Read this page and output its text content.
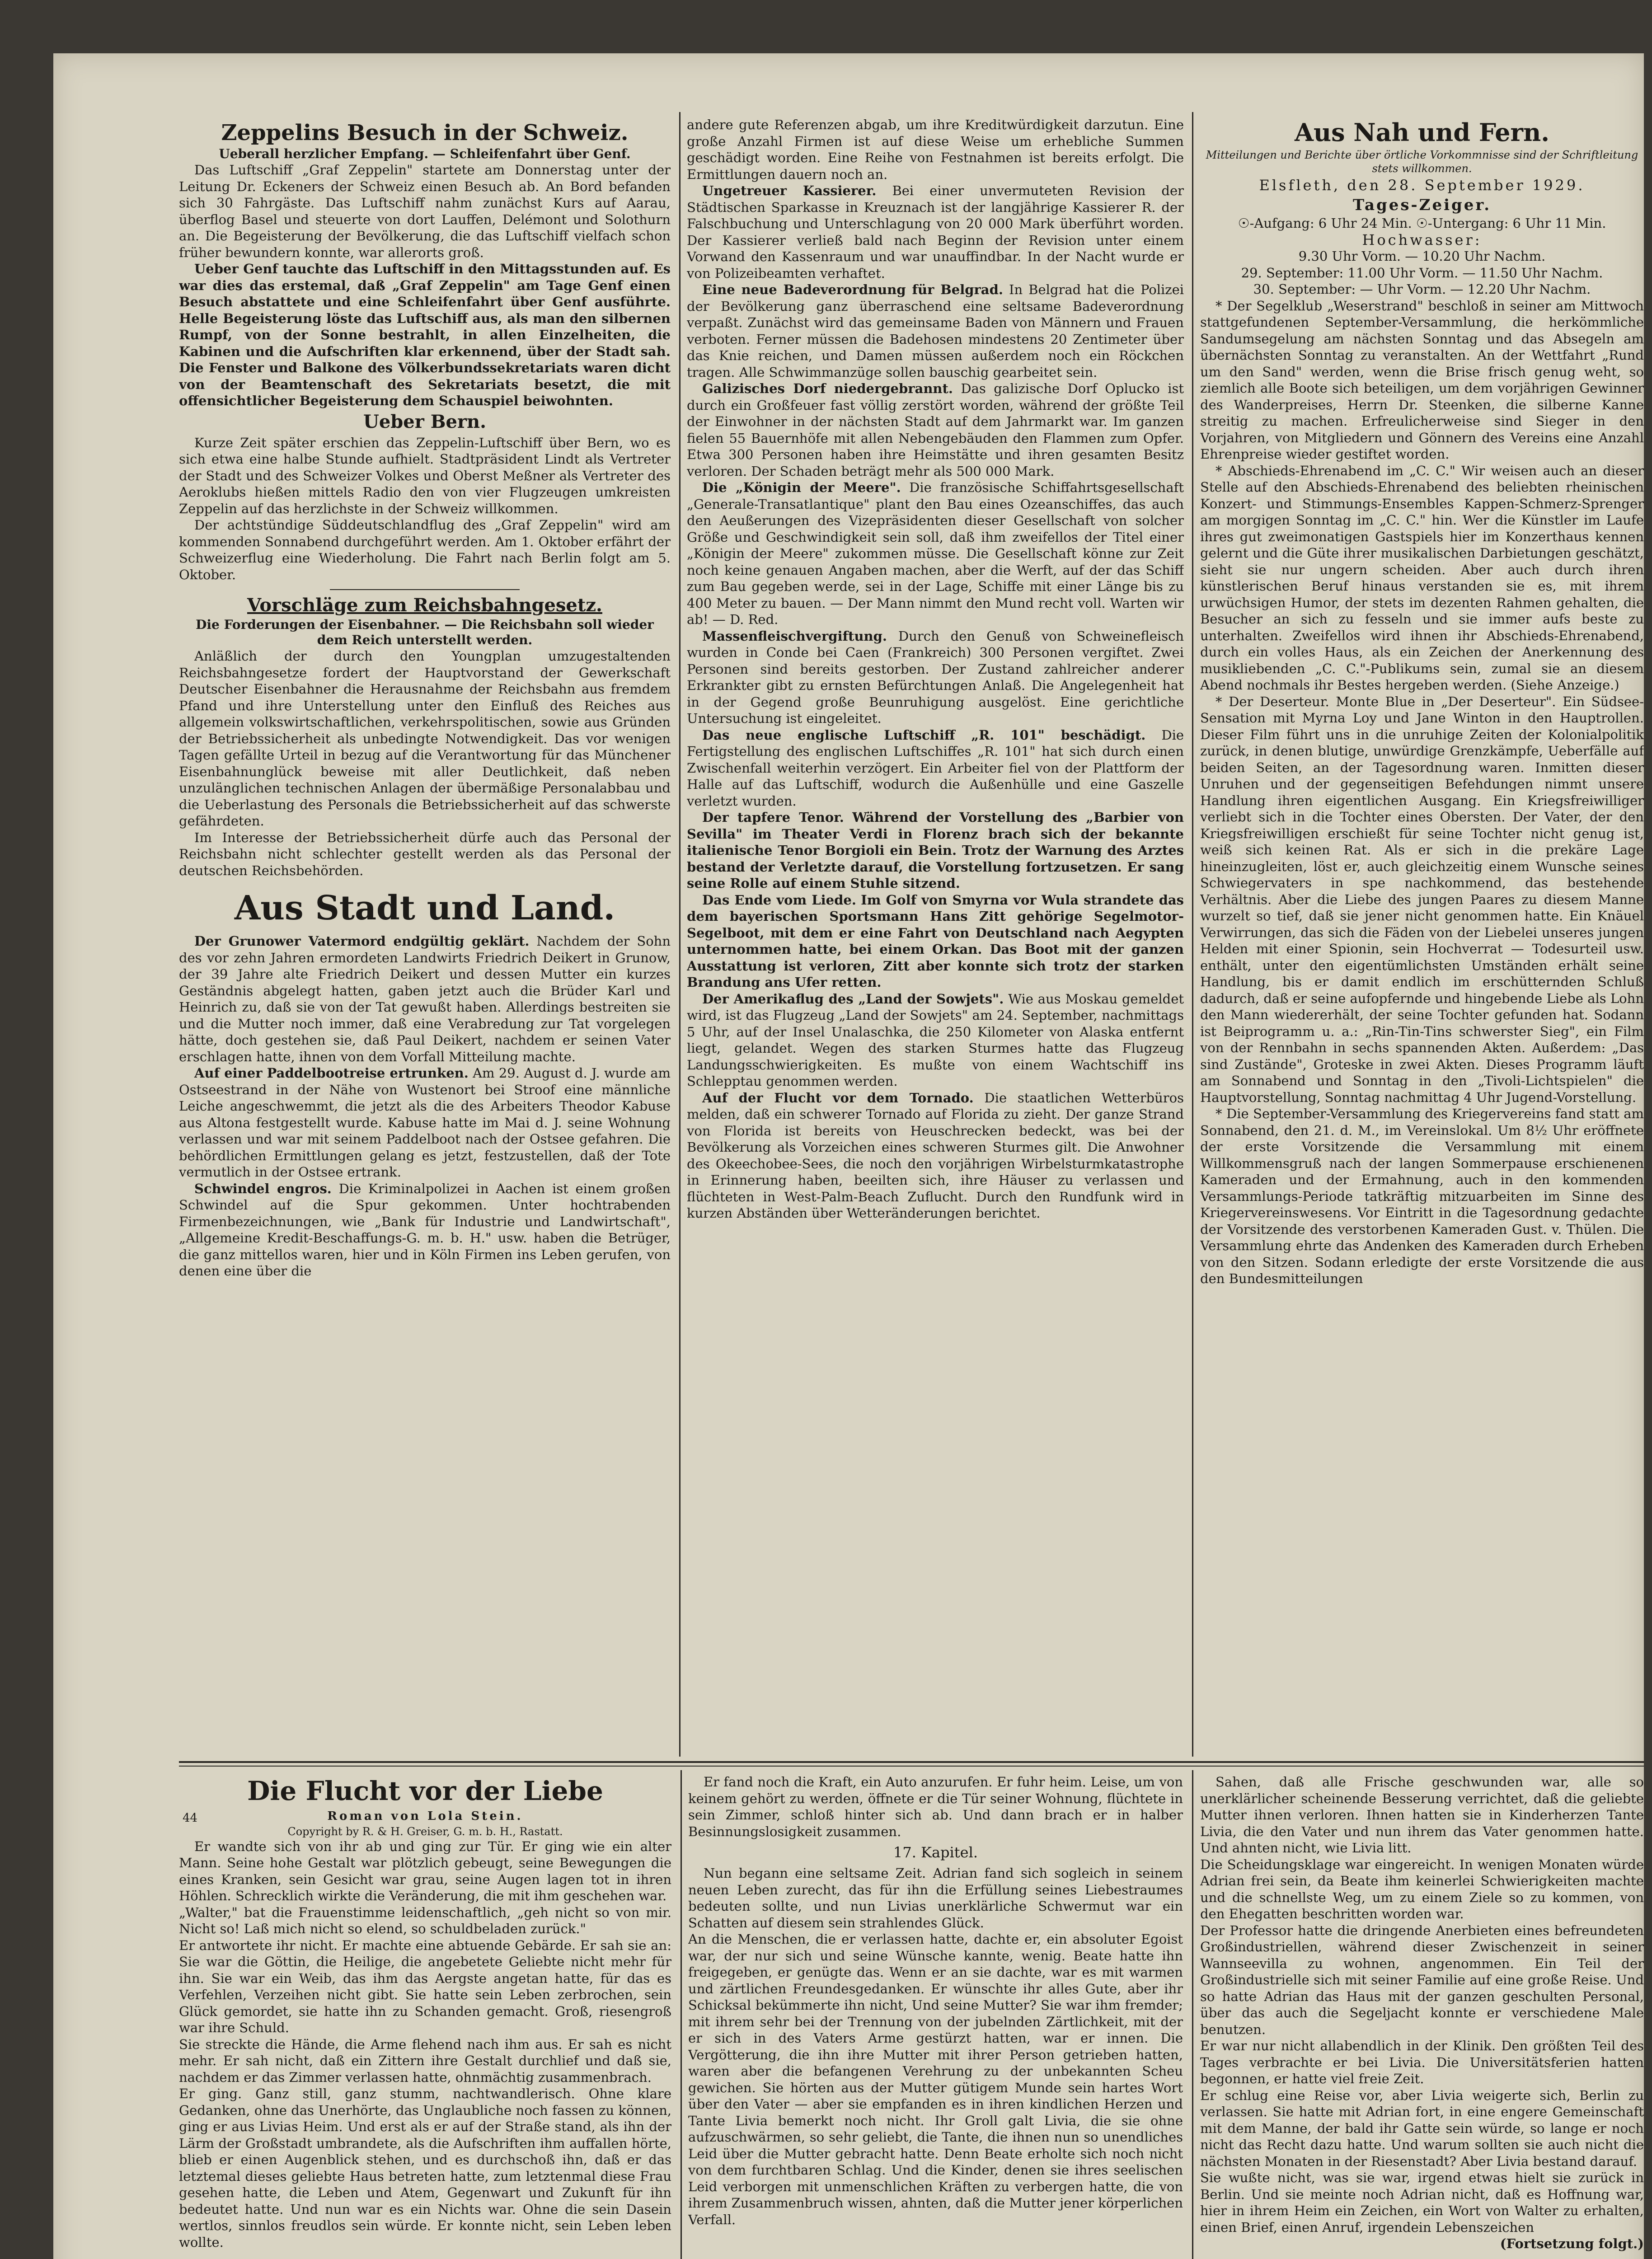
Zeppelins Besuch in der Schweiz.

Ueberall herzlicher Empfang. — Schleifenfahrt über Genf.

Das Luftschiff „Graf Zeppelin" startete am Donnerstag unter der Leitung Dr. Eckeners der Schweiz einen Besuch ab. An Bord befanden sich 30 Fahrgäste. Das Luftschiff nahm zunächst Kurs auf Aarau, überflog Basel und steuerte von dort Lauffen, Delémont und Solothurn an. Die Begeisterung der Bevölkerung, die das Luftschiff vielfach schon früher bewundern konnte, war allerorts groß.

Ueber Genf tauchte das Luftschiff in den Mittagsstunden auf. Es war dies das erstemal, daß „Graf Zeppelin" am Tage Genf einen Besuch abstattete und eine Schleifenfahrt über Genf ausführte. Helle Begeisterung löste das Luftschiff aus, als man den silbernen Rumpf, von der Sonne bestrahlt, in allen Einzelheiten, die Kabinen und die Aufschriften klar erkennend, über der Stadt sah. Die Fenster und Balkone des Völkerbundssekretariats waren dicht von der Beamtenschaft des Sekretariats besetzt, die mit offensichtlicher Begeisterung dem Schauspiel beiwohnten.

Ueber Bern.

Kurze Zeit später erschien das Zeppelin-Luftschiff über Bern, wo es sich etwa eine halbe Stunde aufhielt. Stadtpräsident Lindt als Vertreter der Stadt und des Schweizer Volkes und Oberst Meßner als Vertreter des Aeroklubs hießen mittels Radio den von vier Flugzeugen umkreisten Zeppelin auf das herzlichste in der Schweiz willkommen.

Der achtstündige Süddeutschlandflug des „Graf Zeppelin" wird am kommenden Sonnabend durchgeführt werden. Am 1. Oktober erfährt der Schweizerflug eine Wiederholung. Die Fahrt nach Berlin folgt am 5. Oktober.

Vorschläge zum Reichsbahngesetz.

Die Forderungen der Eisenbahner. — Die Reichsbahn soll wieder dem Reich unterstellt werden.

Anläßlich der durch den Youngplan umzugestaltenden Reichsbahngesetze fordert der Hauptvorstand der Gewerkschaft Deutscher Eisenbahner die Herausnahme der Reichsbahn aus fremdem Pfand und ihre Unterstellung unter den Einfluß des Reiches aus allgemein volkswirtschaftlichen, verkehrspolitischen, sowie aus Gründen der Betriebssicherheit als unbedingte Notwendigkeit. Das vor wenigen Tagen gefällte Urteil in bezug auf die Verantwortung für das Münchener Eisenbahnunglück beweise mit aller Deutlichkeit, daß neben unzulänglichen technischen Anlagen der übermäßige Personalabbau und die Ueberlastung des Personals die Betriebssicherheit auf das schwerste gefährdeten.

Im Interesse der Betriebssicherheit dürfe auch das Personal der Reichsbahn nicht schlechter gestellt werden als das Personal der deutschen Reichsbehörden.

Aus Stadt und Land.

Der Grunower Vatermord endgültig geklärt. Nachdem der Sohn des vor zehn Jahren ermordeten Landwirts Friedrich Deikert in Grunow, der 39 Jahre alte Friedrich Deikert und dessen Mutter ein kurzes Geständnis abgelegt hatten, gaben jetzt auch die Brüder Karl und Heinrich zu, daß sie von der Tat gewußt haben. Allerdings bestreiten sie und die Mutter noch immer, daß eine Verabredung zur Tat vorgelegen hätte, doch gestehen sie, daß Paul Deikert, nachdem er seinen Vater erschlagen hatte, ihnen von dem Vorfall Mitteilung machte.

Auf einer Paddelbootreise ertrunken. Am 29. August d. J. wurde am Ostseestrand in der Nähe von Wustenort bei Stroof eine männliche Leiche angeschwemmt, die jetzt als die des Arbeiters Theodor Kabuse aus Altona festgestellt wurde. Kabuse hatte im Mai d. J. seine Wohnung verlassen und war mit seinem Paddelboot nach der Ostsee gefahren. Die behördlichen Ermittlungen gelang es jetzt, festzustellen, daß der Tote vermutlich in der Ostsee ertrank.

Schwindel engros. Die Kriminalpolizei in Aachen ist einem großen Schwindel auf die Spur gekommen. Unter hochtrabenden Firmenbezeichnungen, wie „Bank für Industrie und Landwirtschaft", „Allgemeine Kredit-Beschaffungs-G. m. b. H." usw. haben die Betrüger, die ganz mittellos waren, hier und in Köln Firmen ins Leben gerufen, von denen eine über die

andere gute Referenzen abgab, um ihre Kreditwürdigkeit darzutun. Eine große Anzahl Firmen ist auf diese Weise um erhebliche Summen geschädigt worden. Eine Reihe von Festnahmen ist bereits erfolgt. Die Ermittlungen dauern noch an.

Ungetreuer Kassierer. Bei einer unvermuteten Revision der Städtischen Sparkasse in Kreuznach ist der langjährige Kassierer R. der Falschbuchung und Unterschlagung von 20 000 Mark überführt worden. Der Kassierer verließ bald nach Beginn der Revision unter einem Vorwand den Kassenraum und war unauffindbar. In der Nacht wurde er von Polizeibeamten verhaftet.

Eine neue Badeverordnung für Belgrad. In Belgrad hat die Polizei der Bevölkerung ganz überraschend eine seltsame Badeverordnung verpaßt. Zunächst wird das gemeinsame Baden von Männern und Frauen verboten. Ferner müssen die Badehosen mindestens 20 Zentimeter über das Knie reichen, und Damen müssen außerdem noch ein Röckchen tragen. Alle Schwimmanzüge sollen bauschig gearbeitet sein.

Galizisches Dorf niedergebrannt. Das galizische Dorf Oplucko ist durch ein Großfeuer fast völlig zerstört worden, während der größte Teil der Einwohner in der nächsten Stadt auf dem Jahrmarkt war. Im ganzen fielen 55 Bauernhöfe mit allen Nebengebäuden den Flammen zum Opfer. Etwa 300 Personen haben ihre Heimstätte und ihren gesamten Besitz verloren. Der Schaden beträgt mehr als 500 000 Mark.

Die „Königin der Meere". Die französische Schiffahrtsgesellschaft „Generale-Transatlantique" plant den Bau eines Ozeanschiffes, das auch den Aeußerungen des Vizepräsidenten dieser Gesellschaft von solcher Größe und Geschwindigkeit sein soll, daß ihm zweifellos der Titel einer „Königin der Meere" zukommen müsse. Die Gesellschaft könne zur Zeit noch keine genauen Angaben machen, aber die Werft, auf der das Schiff zum Bau gegeben werde, sei in der Lage, Schiffe mit einer Länge bis zu 400 Meter zu bauen. — Der Mann nimmt den Mund recht voll. Warten wir ab! — D. Red.

Massenfleischvergiftung. Durch den Genuß von Schweinefleisch wurden in Conde bei Caen (Frankreich) 300 Personen vergiftet. Zwei Personen sind bereits gestorben. Der Zustand zahlreicher anderer Erkrankter gibt zu ernsten Befürchtungen Anlaß. Die Angelegenheit hat in der Gegend große Beunruhigung ausgelöst. Eine gerichtliche Untersuchung ist eingeleitet.

Das neue englische Luftschiff „R. 101" beschädigt. Die Fertigstellung des englischen Luftschiffes „R. 101" hat sich durch einen Zwischenfall weiterhin verzögert. Ein Arbeiter fiel von der Plattform der Halle auf das Luftschiff, wodurch die Außenhülle und eine Gaszelle verletzt wurden.

Der tapfere Tenor. Während der Vorstellung des „Barbier von Sevilla" im Theater Verdi in Florenz brach sich der bekannte italienische Tenor Borgioli ein Bein. Trotz der Warnung des Arztes bestand der Verletzte darauf, die Vorstellung fortzusetzen. Er sang seine Rolle auf einem Stuhle sitzend.

Das Ende vom Liede. Im Golf von Smyrna vor Wula strandete das dem bayerischen Sportsmann Hans Zitt gehörige Segelmotor-Segelboot, mit dem er eine Fahrt von Deutschland nach Aegypten unternommen hatte, bei einem Orkan. Das Boot mit der ganzen Ausstattung ist verloren, Zitt aber konnte sich trotz der starken Brandung ans Ufer retten.

Der Amerikaflug des „Land der Sowjets". Wie aus Moskau gemeldet wird, ist das Flugzeug „Land der Sowjets" am 24. September, nachmittags 5 Uhr, auf der Insel Unalaschka, die 250 Kilometer von Alaska entfernt liegt, gelandet. Wegen des starken Sturmes hatte das Flugzeug Landungsschwierigkeiten. Es mußte von einem Wachtschiff ins Schlepptau genommen werden.

Auf der Flucht vor dem Tornado. Die staatlichen Wetterbüros melden, daß ein schwerer Tornado auf Florida zu zieht. Der ganze Strand von Florida ist bereits von Heuschrecken bedeckt, was bei der Bevölkerung als Vorzeichen eines schweren Sturmes gilt. Die Anwohner des Okeechobee-Sees, die noch den vorjährigen Wirbelsturmkatastrophe in Erinnerung haben, beeilten sich, ihre Häuser zu verlassen und flüchteten in West-Palm-Beach Zuflucht. Durch den Rundfunk wird in kurzen Abständen über Wetteränderungen berichtet.

Aus Nah und Fern.

Mitteilungen und Berichte über örtliche Vorkommnisse sind der Schriftleitung stets willkommen.

Elsfleth, den 28. September 1929.

Tages-Zeiger.

☉-Aufgang: 6 Uhr 24 Min. ☉-Untergang: 6 Uhr 11 Min.

Hochwasser:

9.30 Uhr Vorm. — 10.20 Uhr Nachm.

29. September: 11.00 Uhr Vorm. — 11.50 Uhr Nachm.

30. September: — Uhr Vorm. — 12.20 Uhr Nachm.

* Der Segelklub „Weserstrand" beschloß in seiner am Mittwoch stattgefundenen September-Versammlung, die herkömmliche Sandumsegelung am nächsten Sonntag und das Absegeln am übernächsten Sonntag zu veranstalten. An der Wettfahrt „Rund um den Sand" werden, wenn die Brise frisch genug weht, so ziemlich alle Boote sich beteiligen, um dem vorjährigen Gewinner des Wanderpreises, Herrn Dr. Steenken, die silberne Kanne streitig zu machen. Erfreulicherweise sind Sieger in den Vorjahren, von Mitgliedern und Gönnern des Vereins eine Anzahl Ehrenpreise wieder gestiftet worden.

* Abschieds-Ehrenabend im „C. C." Wir weisen auch an dieser Stelle auf den Abschieds-Ehrenabend des beliebten rheinischen Konzert- und Stimmungs-Ensembles Kappen-Schmerz-Sprenger am morgigen Sonntag im „C. C." hin. Wer die Künstler im Laufe ihres gut zweimonatigen Gastspiels hier im Konzerthaus kennen gelernt und die Güte ihrer musikalischen Darbietungen geschätzt, sieht sie nur ungern scheiden. Aber auch durch ihren künstlerischen Beruf hinaus verstanden sie es, mit ihrem urwüchsigen Humor, der stets im dezenten Rahmen gehalten, die Besucher an sich zu fesseln und sie immer aufs beste zu unterhalten. Zweifellos wird ihnen ihr Abschieds-Ehrenabend, durch ein volles Haus, als ein Zeichen der Anerkennung des musikliebenden „C. C."-Publikums sein, zumal sie an diesem Abend nochmals ihr Bestes hergeben werden. (Siehe Anzeige.)

* Der Deserteur. Monte Blue in „Der Deserteur". Ein Südsee-Sensation mit Myrna Loy und Jane Winton in den Hauptrollen. Dieser Film führt uns in die unruhige Zeiten der Kolonialpolitik zurück, in denen blutige, unwürdige Grenzkämpfe, Ueberfälle auf beiden Seiten, an der Tagesordnung waren. Inmitten dieser Unruhen und der gegenseitigen Befehdungen nimmt unsere Handlung ihren eigentlichen Ausgang. Ein Kriegsfreiwilliger verliebt sich in die Tochter eines Obersten. Der Vater, der den Kriegsfreiwilligen erschießt für seine Tochter nicht genug ist, weiß sich keinen Rat. Als er sich in die prekäre Lage hineinzugleiten, löst er, auch gleichzeitig einem Wunsche seines Schwiegervaters in spe nachkommend, das bestehende Verhältnis. Aber die Liebe des jungen Paares zu diesem Manne wurzelt so tief, daß sie jener nicht genommen hatte. Ein Knäuel Verwirrungen, das sich die Fäden von der Liebelei unseres jungen Helden mit einer Spionin, sein Hochverrat — Todesurteil usw. enthält, unter den eigentümlichsten Umständen erhält seine Handlung, bis er damit endlich im erschütternden Schluß dadurch, daß er seine aufopfernde und hingebende Liebe als Lohn den Mann wiedererhält, der seine Tochter gefunden hat. Sodann ist Beiprogramm u. a.: „Rin-Tin-Tins schwerster Sieg", ein Film von der Rennbahn in sechs spannenden Akten. Außerdem: „Das sind Zustände", Groteske in zwei Akten. Dieses Programm läuft am Sonnabend und Sonntag in den „Tivoli-Lichtspielen" die Hauptvorstellung, Sonntag nachmittag 4 Uhr Jugend-Vorstellung.

* Die September-Versammlung des Kriegervereins fand statt am Sonnabend, den 21. d. M., im Vereinslokal. Um 8⅟₂ Uhr eröffnete der erste Vorsitzende die Versammlung mit einem Willkommensgruß nach der langen Sommerpause erschienenen Kameraden und der Ermahnung, auch in den kommenden Versammlungs-Periode tatkräftig mitzuarbeiten im Sinne des Kriegervereinswesens. Vor Eintritt in die Tagesordnung gedachte der Vorsitzende des verstorbenen Kameraden Gust. v. Thülen. Die Versammlung ehrte das Andenken des Kameraden durch Erheben von den Sitzen. Sodann erledigte der erste Vorsitzende die aus den Bundesmitteilungen

Die Flucht vor der Liebe
44	Roman von Lola Stein.

Copyright by R. & H. Greiser, G. m. b. H., Rastatt.

Er wandte sich von ihr ab und ging zur Tür. Er ging wie ein alter Mann. Seine hohe Gestalt war plötzlich gebeugt, seine Bewegungen die eines Kranken, sein Gesicht war grau, seine Augen lagen tot in ihren Höhlen. Schrecklich wirkte die Veränderung, die mit ihm geschehen war.
„Walter," bat die Frauenstimme leidenschaftlich, „geh nicht so von mir. Nicht so! Laß mich nicht so elend, so schuldbeladen zurück."
Er antwortete ihr nicht. Er machte eine abtuende Gebärde. Er sah sie an: Sie war die Göttin, die Heilige, die angebetete Geliebte nicht mehr für ihn. Sie war ein Weib, das ihm das Aergste angetan hatte, für das es Verfehlen, Verzeihen nicht gibt. Sie hatte sein Leben zerbrochen, sein Glück gemordet, sie hatte ihn zu Schanden gemacht. Groß, riesengroß war ihre Schuld.
Sie streckte die Hände, die Arme flehend nach ihm aus. Er sah es nicht mehr. Er sah nicht, daß ein Zittern ihre Gestalt durchlief und daß sie, nachdem er das Zimmer verlassen hatte, ohnmächtig zusammenbrach.
Er ging. Ganz still, ganz stumm, nachtwandlerisch. Ohne klare Gedanken, ohne das Unerhörte, das Unglaubliche noch fassen zu können, ging er aus Livias Heim. Und erst als er auf der Straße stand, als ihn der Lärm der Großstadt umbrandete, als die Aufschriften ihm auffallen hörte, blieb er einen Augenblick stehen, und es durchschoß ihn, daß er das letztemal dieses geliebte Haus betreten hatte, zum letztenmal diese Frau gesehen hatte, die Leben und Atem, Gegenwart und Zukunft für ihn bedeutet hatte. Und nun war es ein Nichts war. Ohne die sein Dasein wertlos, sinnlos freudlos sein würde. Er konnte nicht, sein Leben leben wollte.
Er fand noch die Kraft, ein Auto anzurufen. Er fuhr heim. Leise, um von keinem gehört zu werden, öffnete er die Tür seiner Wohnung, flüchtete in sein Zimmer, schloß hinter sich ab. Und dann brach er in halber Besinnungslosigkeit zusammen.

17. Kapitel.

Nun begann eine seltsame Zeit. Adrian fand sich sogleich in seinem neuen Leben zurecht, das für ihn die Erfüllung seines Liebestraumes bedeuten sollte, und nun Livias unerklärliche Schwermut war ein Schatten auf diesem sein strahlendes Glück.
An die Menschen, die er verlassen hatte, dachte er, ein absoluter Egoist war, der nur sich und seine Wünsche kannte, wenig. Beate hatte ihn freigegeben, er genügte das. Wenn er an sie dachte, war es mit warmen und zärtlichen Freundesgedanken. Er wünschte ihr alles Gute, aber ihr Schicksal bekümmerte ihn nicht, Und seine Mutter? Sie war ihm fremder; mit ihrem sehr bei der Trennung von der jubelnden Zärtlichkeit, mit der er sich in des Vaters Arme gestürzt hatten, war er innen. Die Vergötterung, die ihn ihre Mutter mit ihrer Person getrieben hatten, waren aber die befangenen Verehrung zu der unbekannten Scheu gewichen. Sie hörten aus der Mutter gütigem Munde sein hartes Wort über den Vater — aber sie empfanden es in ihren kindlichen Herzen und Tante Livia bemerkt noch nicht. Ihr Groll galt Livia, die sie ohne aufzuschwärmen, so sehr geliebt, die Tante, die ihnen nun so unendliches Leid über die Mutter gebracht hatte. Denn Beate erholte sich noch nicht von dem furchtbaren Schlag. Und die Kinder, denen sie ihres seelischen Leid verborgen mit unmenschlichen Kräften zu verbergen hatte, die von ihrem Zusammenbruch wissen, ahnten, daß die Mutter jener körperlichen Verfall.
Sahen, daß alle Frische geschwunden war, alle so unerklärlicher scheinende Besserung verrichtet, daß die geliebte Mutter ihnen verloren. Ihnen hatten sie in Kinderherzen Tante Livia, die den Vater und nun ihrem das Vater genommen hatte. Und ahnten nicht, wie Livia litt.
Die Scheidungsklage war eingereicht. In wenigen Monaten würde Adrian frei sein, da Beate ihm keinerlei Schwierigkeiten machte und die schnellste Weg, um zu einem Ziele so zu kommen, von den Ehegatten beschritten worden war.
Der Professor hatte die dringende Anerbieten eines befreundeten Großindustriellen, während dieser Zwischenzeit in seiner Wannseevilla zu wohnen, angenommen. Ein Teil der Großindustrielle sich mit seiner Familie auf eine große Reise. Und so hatte Adrian das Haus mit der ganzen geschulten Personal, über das auch die Segeljacht konnte er verschiedene Male benutzen.
Er war nur nicht allabendlich in der Klinik. Den größten Teil des Tages verbrachte er bei Livia. Die Universitätsferien hatten begonnen, er hatte viel freie Zeit.
Er schlug eine Reise vor, aber Livia weigerte sich, Berlin zu verlassen. Sie hatte mit Adrian fort, in eine engere Gemeinschaft mit dem Manne, der bald ihr Gatte sein würde, so lange er noch nicht das Recht dazu hatte. Und warum sollten sie auch nicht die nächsten Monaten in der Riesenstadt? Aber Livia bestand darauf.
Sie wußte nicht, was sie war, irgend etwas hielt sie zurück in Berlin. Und sie meinte noch Adrian nicht, daß es Hoffnung war, hier in ihrem Heim ein Zeichen, ein Wort von Walter zu erhalten, einen Brief, einen Anruf, irgendein Lebenszeichen

(Fortsetzung folgt.)
